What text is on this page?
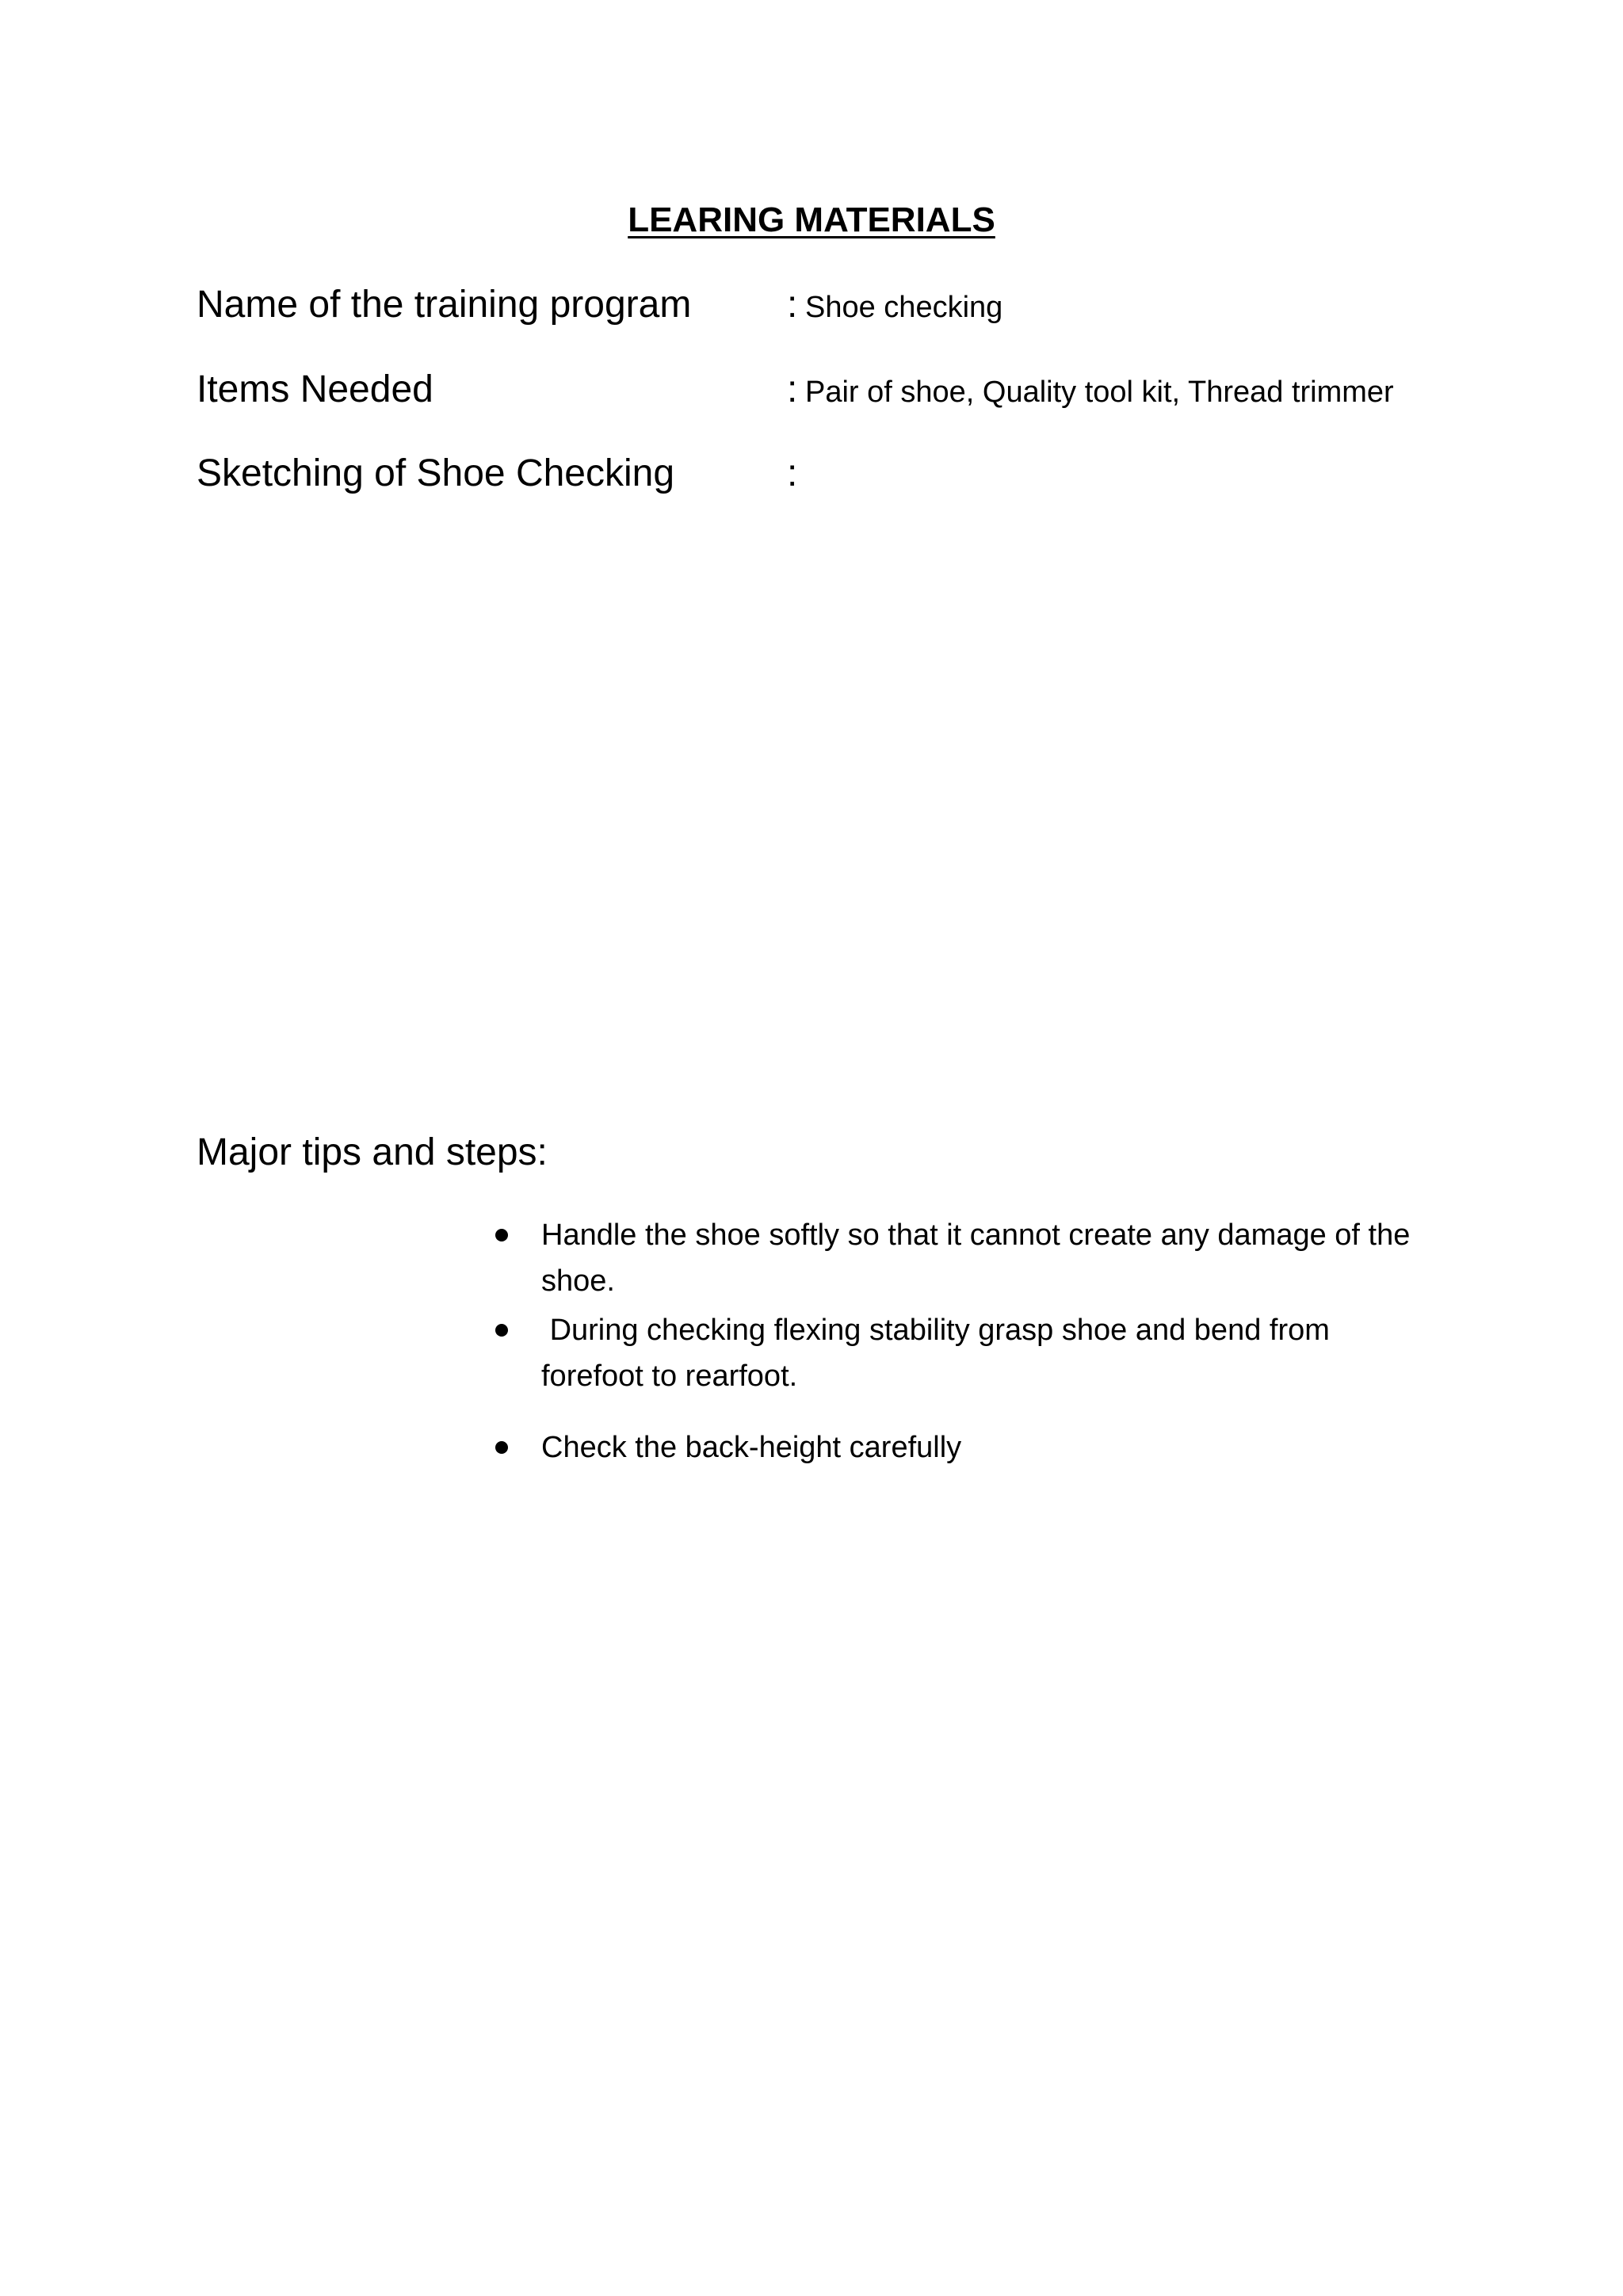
LEARING MATERIALS
Name of the training program	: Shoe checking
Items Needed	: Pair of shoe, Quality tool kit, Thread trimmer
Sketching of Shoe Checking	:
Major tips and steps:
Handle the shoe softly so that it cannot create any damage of the shoe.
During checking flexing stability grasp shoe and bend from forefoot to rearfoot.
Check the back-height carefully
